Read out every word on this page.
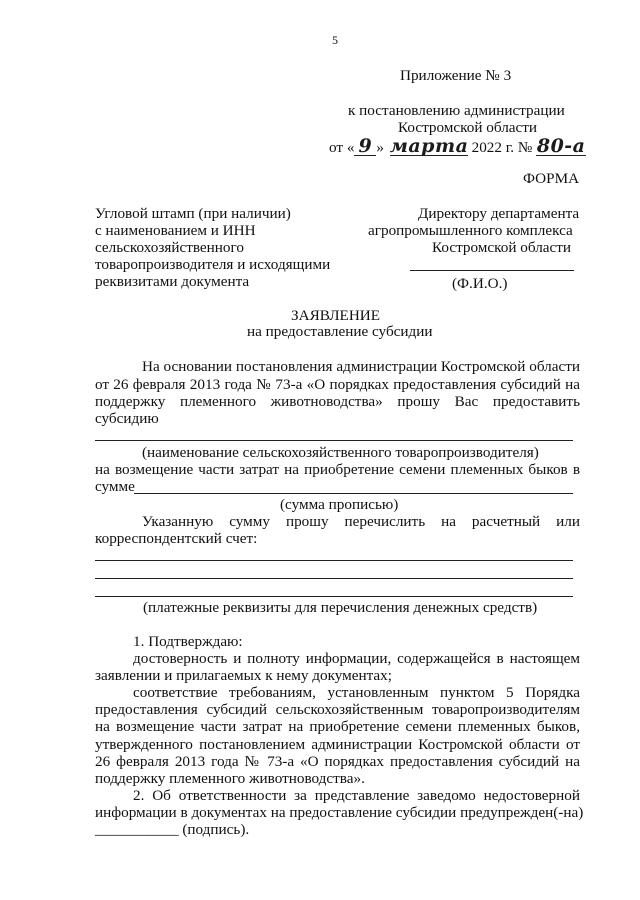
5
Приложение № 3
к постановлению администрации
Костромской области
от « 9 » марта 2022 г. № 80-а
ФОРМА
Угловой штамп (при наличии)
с наименованием и ИНН
сельскохозяйственного
товаропроизводителя и исходящими
реквизитами документа
Директору департамента
агропромышленного комплекса
Костромской области
(Ф.И.О.)
ЗАЯВЛЕНИЕ
на предоставление субсидии
На основании постановления администрации Костромской области
от 26 февраля 2013 года № 73-а «О порядках предоставления субсидий на
поддержку племенного животноводства» прошу Вас предоставить
субсидию
(наименование сельскохозяйственного товаропроизводителя)
на возмещение части затрат на приобретение семени племенных быков в
сумме
(сумма прописью)
Указанную сумму прошу перечислить на расчетный или
корреспондентский счет:
(платежные реквизиты для перечисления денежных средств)
1. Подтверждаю:
достоверность и полноту информации, содержащейся в настоящем
заявлении и прилагаемых к нему документах;
соответствие требованиям, установленным пунктом 5 Порядка
предоставления субсидий сельскохозяйственным товаропроизводителям
на возмещение части затрат на приобретение семени племенных быков,
утвержденного постановлением администрации Костромской области от
26 февраля 2013 года № 73-а «О порядках предоставления субсидий на
поддержку племенного животноводства».
2. Об ответственности за представление заведомо недостоверной
информации в документах на предоставление субсидии предупрежден(-на)
___________ (подпись).
